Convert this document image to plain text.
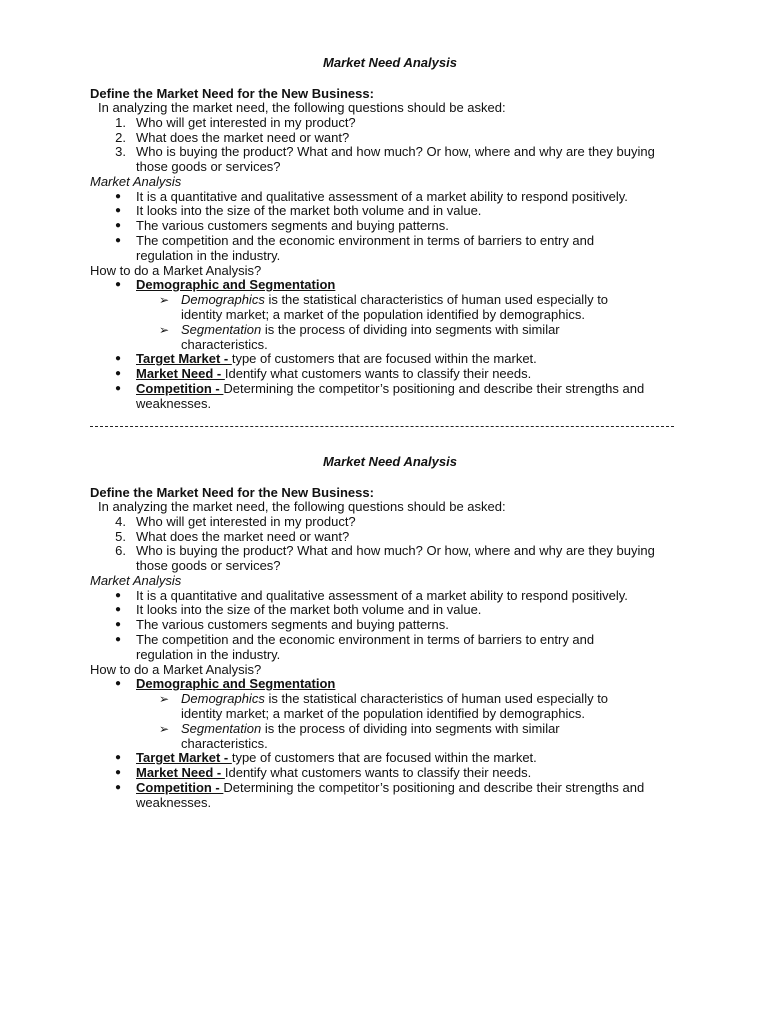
Market Need Analysis
Define the Market Need for the New Business:
In analyzing the market need, the following questions should be asked:
1. Who will get interested in my product?
2. What does the market need or want?
3. Who is buying the product? What and how much? Or how, where and why are they buying those goods or services?
Market Analysis
● It is a quantitative and qualitative assessment of a market ability to respond positively.
● It looks into the size of the market both volume and in value.
● The various customers segments and buying patterns.
● The competition and the economic environment in terms of barriers to entry and regulation in the industry.
How to do a Market Analysis?
● Demographic and Segmentation
➢ Demographics is the statistical characteristics of human used especially to identity market; a market of the population identified by demographics.
➢ Segmentation is the process of dividing into segments with similar characteristics.
● Target Market - type of customers that are focused within the market.
● Market Need - Identify what customers wants to classify their needs.
● Competition - Determining the competitor’s positioning and describe their strengths and weaknesses.
Market Need Analysis
Define the Market Need for the New Business:
In analyzing the market need, the following questions should be asked:
4. Who will get interested in my product?
5. What does the market need or want?
6. Who is buying the product? What and how much? Or how, where and why are they buying those goods or services?
Market Analysis
● It is a quantitative and qualitative assessment of a market ability to respond positively.
● It looks into the size of the market both volume and in value.
● The various customers segments and buying patterns.
● The competition and the economic environment in terms of barriers to entry and regulation in the industry.
How to do a Market Analysis?
● Demographic and Segmentation
➢ Demographics is the statistical characteristics of human used especially to identity market; a market of the population identified by demographics.
➢ Segmentation is the process of dividing into segments with similar characteristics.
● Target Market - type of customers that are focused within the market.
● Market Need - Identify what customers wants to classify their needs.
● Competition - Determining the competitor’s positioning and describe their strengths and weaknesses.
